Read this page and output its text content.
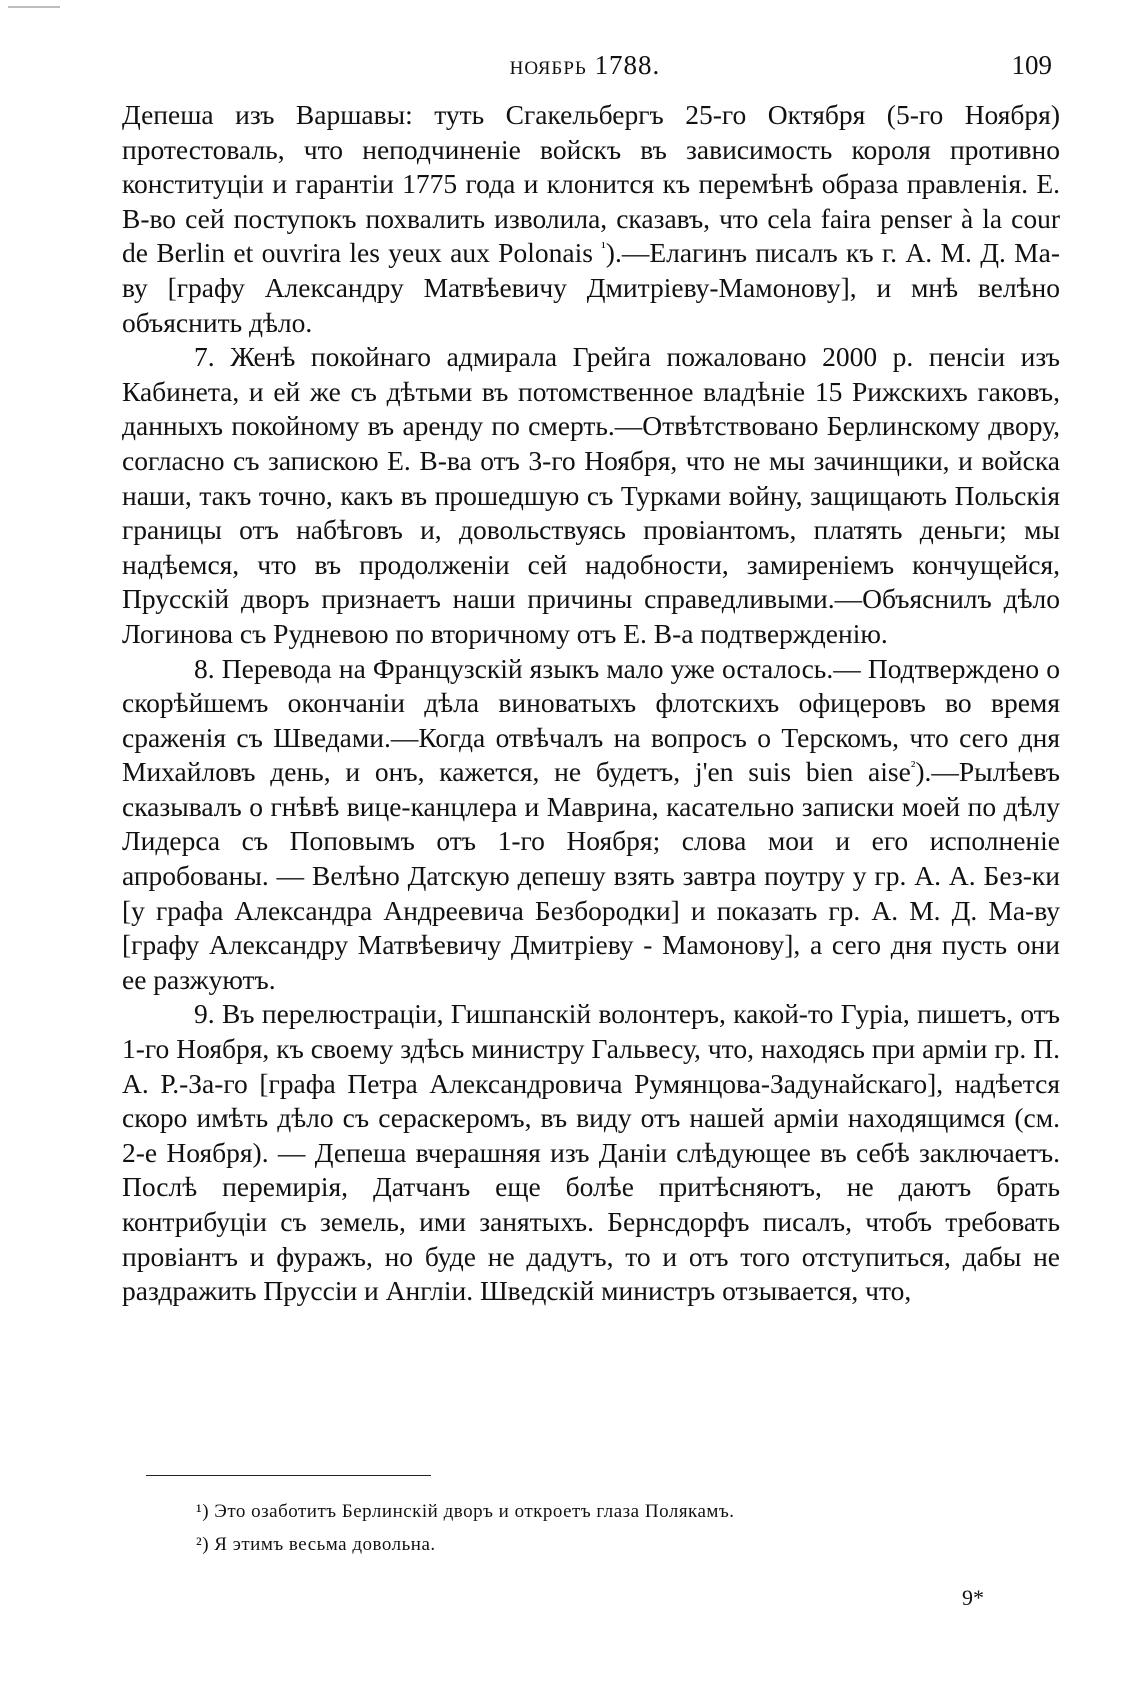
ноябрь 1788.	109

Депеша изъ Варшавы: туть Сгакельбергъ 25-го Октября (5-го Ноября) протестоваль, что неподчиненіе войскъ въ зависимость короля противно конституціи и гарантіи 1775 года и клонится къ перемѣнѣ образа правленія. Е. В-во сей поступокъ похвалить изволила, сказавъ, что cela faira penser à la cour de Berlin et ouvrira les yeux aux Polonais $^{^1}$).—Елагинъ писалъ къ г. А. М. Д. Ма-ву [графу Александру Матвѣевичу Дмитріеву-Мамонову], и мнѣ велѣно объяснить дѣло.

7. Женѣ покойнаго адмирала Грейга пожаловано 2000 р. пенсіи изъ Кабинета, и ей же съ дѣтьми въ потомственное владѣніе 15 Рижскихъ гаковъ, данныхъ покойному въ аренду по смерть.—Отвѣтствовано Берлинскому двору, согласно съ запискою Е. В-ва отъ 3-го Ноября, что не мы зачинщики, и войска наши, такъ точно, какъ въ прошедшую съ Турками войну, защищають Польскія границы отъ набѣговъ и, довольствуясь провіантомъ, платять деньги; мы надѣемся, что въ продолженіи сей надобности, замиреніемъ кончущейся, Прусскій дворъ признаетъ наши причины справедливыми.—Объяснилъ дѣло Логинова съ Рудневою по вторичному отъ Е. В-а подтвержденію.

8. Перевода на Французскій языкъ мало уже осталось.— Подтверждено о скорѣйшемъ окончаніи дѣла виноватыхъ флотскихъ офицеровъ во время сраженія съ Шведами.—Когда отвѣчалъ на вопросъ о Терскомъ, что сего дня Михайловъ день, и онъ, кажется, не будетъ, j'en suis bien aise$^{^2}$).—Рылѣевъ сказывалъ о гнѣвѣ вице-канцлера и Маврина, касательно записки моей по дѣлу Лидерса съ Поповымъ отъ 1-го Ноября; слова мои и его исполненіе апробованы. — Велѣно Датскую депешу взять завтра поутру у гр. А. А. Без-ки [у графа Александра Андреевича Безбородки] и показать гр. А. М. Д. Ма-ву [графу Александру Матвѣевичу Дмитріеву - Мамонову], а сего дня пусть они ее разжуютъ.

9. Въ перелюстраціи, Гишпанскій волонтеръ, какой-то Гуріа, пишетъ, отъ 1-го Ноября, къ своему здѣсь министру Гальвесу, что, находясь при арміи гр. П. А. Р.-За-го [графа Петра Александровича Румянцова-Задунайскаго], надѣется скоро имѣть дѣло съ сераскеромъ, въ виду отъ нашей арміи находящимся (см. 2-е Ноября). — Депеша вчерашняя изъ Даніи слѣдующее въ себѣ заключаетъ. Послѣ перемирія, Датчанъ еще болѣе притѣсняютъ, не даютъ брать контрибуціи съ земель, ими занятыхъ. Бернсдорфъ писалъ, чтобъ требовать провіантъ и фуражъ, но буде не дадутъ, то и отъ того отступиться, дабы не раздражить Пруссіи и Англіи. Шведскій министръ отзывается, что,

¹) Это озаботитъ Берлинскій дворъ и откроетъ глаза Полякамъ.
²) Я этимъ весьма довольна.
9*
